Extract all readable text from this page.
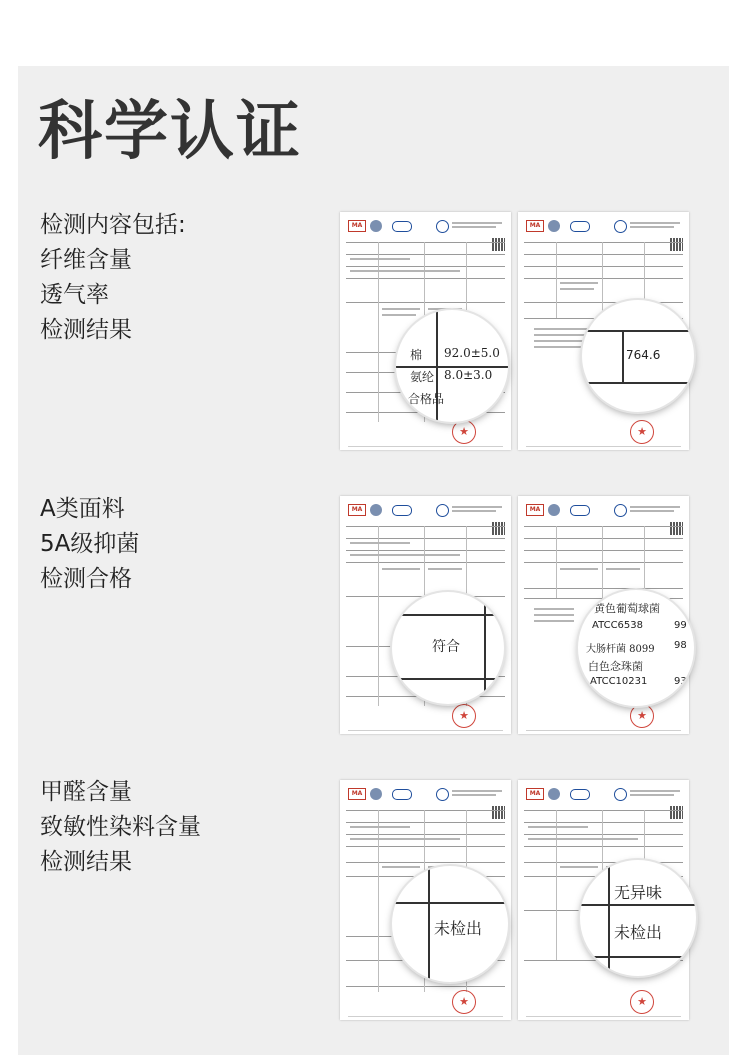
科学认证
检测内容包括:
纤维含量
透气率
检测结果
A类面料
5A级抑菌
检测合格
甲醛含量
致敏性染料含量
检测结果
MA
★
棉 92.0±5.0
氨纶 8.0±3.0
合格品
MA
★
764.6
MA
★
符合
MA
★
黄色葡萄球菌
ATCC6538	99
大肠杆菌 8099 98
白色念珠菌
ATCC10231	93
MA
★
未检出
MA
★
无异味
未检出
